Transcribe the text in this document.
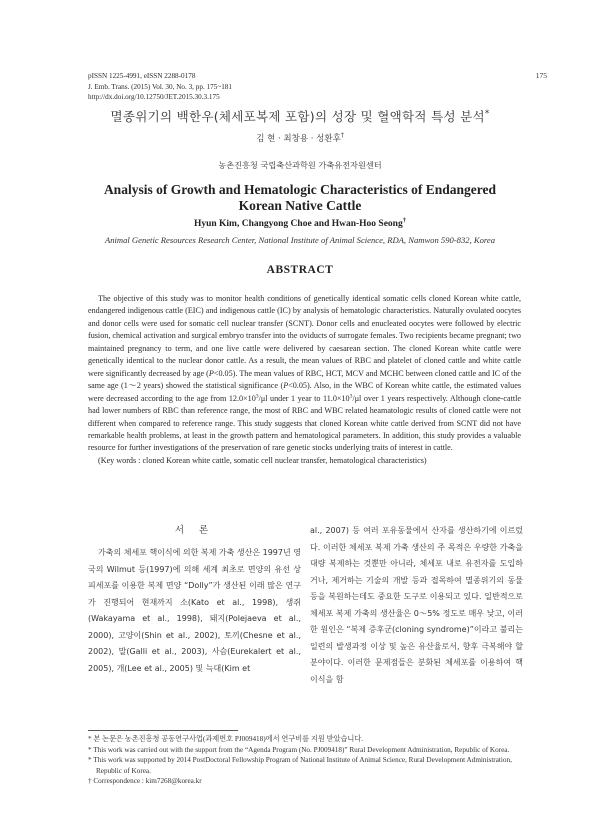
pISSN 1225-4991, eISSN 2288-0178
J. Emb. Trans. (2015) Vol. 30, No. 3, pp. 175~181
http://dx.doi.org/10.12750/JET.2015.30.3.175
175
멸종위기의 백한우(체세포복제 포함)의 성장 및 혈액학적 특성 분석*
김 현 · 최창용 · 성환후†
농촌진흥청 국립축산과학원 가축유전자원센터
Analysis of Growth and Hematologic Characteristics of Endangered
Korean Native Cattle
Hyun Kim, Changyong Choe and Hwan-Hoo Seong†
Animal Genetic Resources Research Center, National Institute of Animal Science, RDA, Namwon 590-832, Korea
ABSTRACT

The objective of this study was to monitor health conditions of genetically identical somatic cells cloned Korean white cattle, endangered indigenous cattle (EIC) and indigenous cattle (IC) by analysis of hematologic characteristics. Naturally ovulated oocytes and donor cells were used for somatic cell nuclear transfer (SCNT). Donor cells and enucleated oocytes were followed by electric fusion, chemical activation and surgical embryo transfer into the oviducts of surrogate females. Two recipients became pregnant; two maintained pregnancy to term, and one live cattle were delivered by caesarean section. The cloned Korean white cattle were genetically identical to the nuclear donor cattle. As a result, the mean values of RBC and platelet of cloned cattle and white cattle were significantly decreased by age (P<0.05). The mean values of RBC, HCT, MCV and MCHC between cloned cattle and IC of the same age (1～2 years) showed the statistical significance (P<0.05). Also, in the WBC of Korean white cattle, the estimated values were decreased according to the age from $12.0\times 10^3/\mu l$ under 1 year to $11.0\times 10^3/\mu l$ over 1 years respectively. Although clone-cattle had lower numbers of RBC than reference range, the most of RBC and WBC related heamatologic results of cloned cattle were not different when compared to reference range. This study suggests that cloned Korean white cattle derived from SCNT did not have remarkable health problems, at least in the growth pattern and hematological parameters. In addition, this study provides a valuable resource for further investigations of the preservation of rare genetic stocks underlying traits of interest in cattle.

(Key words : cloned Korean white cattle, somatic cell nuclear transfer, hematological characteristics)

서 론

가축의 체세포 핵이식에 의한 복제 가축 생산은 1997년 영국의 Wilmut 등(1997)에 의해 세계 최초로 면양의 유선 상피세포를 이용한 복제 면양 “Dolly”가 생산된 이래 많은 연구가 진행되어 현재까지 소(Kato et al., 1998), 생쥐(Wakayama et al., 1998), 돼지(Polejaeva et al., 2000), 고양이(Shin et al., 2002), 토끼(Chesne et al., 2002), 말(Galli et al., 2003), 사슴(Eurekalert et al., 2005), 개(Lee et al., 2005) 및 늑대(Kim et

al., 2007) 등 여러 포유동물에서 산자를 생산하기에 이르렀다. 이러한 체세포 복제 가축 생산의 주 목적은 우량한 가축을 대량 복제하는 것뿐만 아니라, 체세포 내로 유전자를 도입하거나, 제거하는 기술의 개발 등과 접목하여 멸종위기의 동물 등을 복원하는데도 중요한 도구로 이용되고 있다. 일반적으로 체세포 복제 가축의 생산율은 0～5% 정도로 매우 낮고, 이러한 원인은 “복제 증후군(cloning syndrome)”이라고 불리는 일련의 발생과정 이상 및 높은 유산율로서, 향후 극복해야 할 분야이다. 이러한 문제점들은 분화된 체세포를 이용하여 핵 이식을 함

* 본 논문은 농촌진흥청 공동연구사업(과제번호 PJ009418)에서 연구비를 지원 받았습니다.

* This work was carried out with the support from the “Agenda Program (No. PJ009418)” Rural Development Administration, Republic of Korea.

* This work was supported by 2014 PostDoctoral Fellowship Program of National Institute of Animal Science, Rural Development Administration, Republic of Korea.

† Correspondence : kim7268@korea.kr
